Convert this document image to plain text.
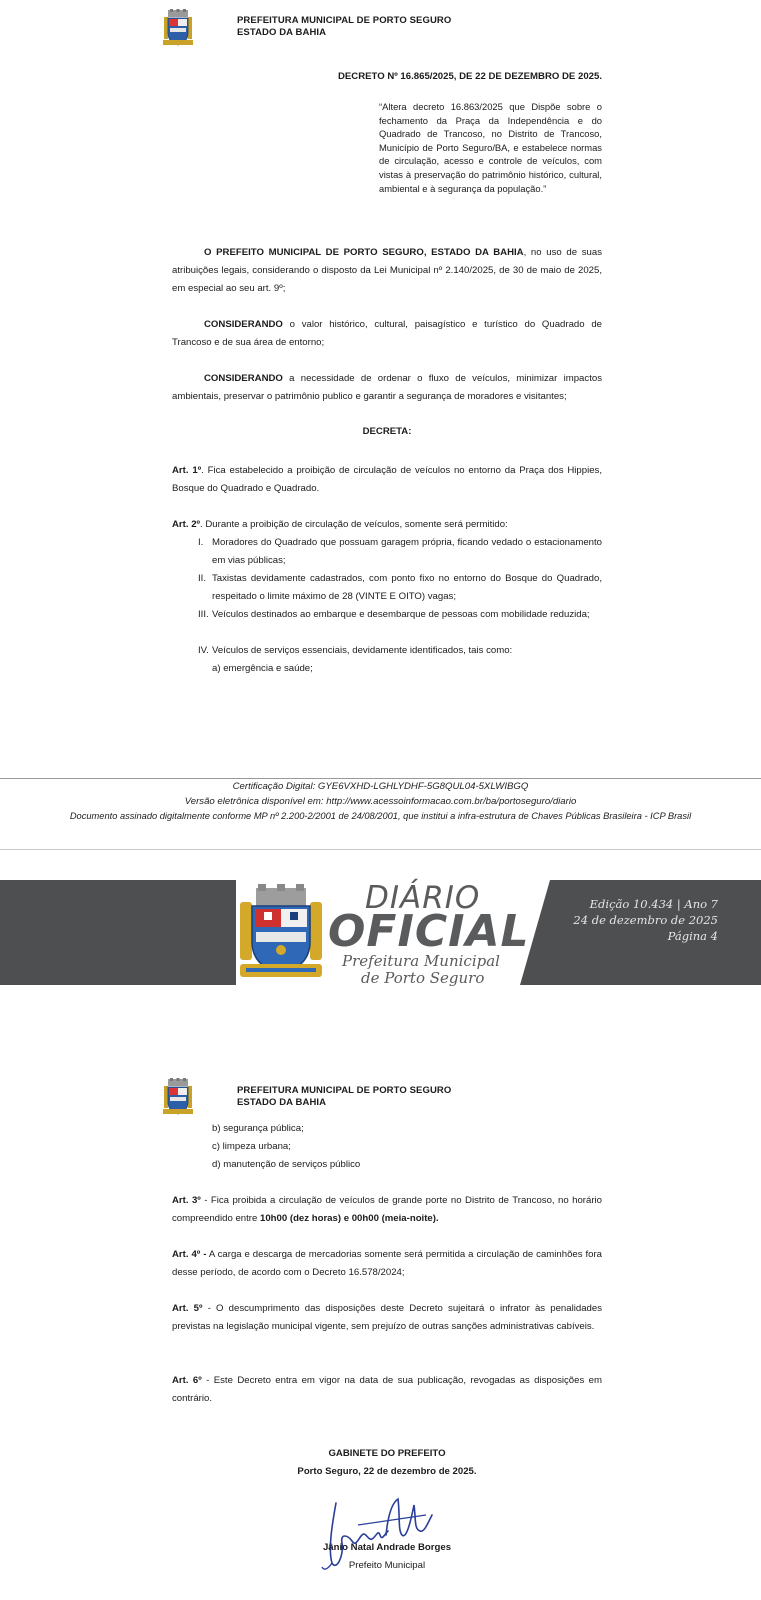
PREFEITURA MUNICIPAL DE PORTO SEGURO
ESTADO DA BAHIA
DECRETO Nº 16.865/2025, DE 22 DE DEZEMBRO DE 2025.
“Altera decreto 16.863/2025 que Dispõe sobre o fechamento da Praça da Independência e do Quadrado de Trancoso, no Distrito de Trancoso, Município de Porto Seguro/BA, e estabelece normas de circulação, acesso e controle de veículos, com vistas à preservação do patrimônio histórico, cultural, ambiental e à segurança da população.”
O PREFEITO MUNICIPAL DE PORTO SEGURO, ESTADO DA BAHIA, no uso de suas atribuições legais, considerando o disposto da Lei Municipal nº 2.140/2025, de 30 de maio de 2025, em especial ao seu art. 9º;
CONSIDERANDO o valor histórico, cultural, paisagístico e turístico do Quadrado de Trancoso e de sua área de entorno;
CONSIDERANDO a necessidade de ordenar o fluxo de veículos, minimizar impactos ambientais, preservar o patrimônio publico e garantir a segurança de moradores e visitantes;
DECRETA:
Art. 1º. Fica estabelecido a proibição de circulação de veículos no entorno da Praça dos Hippies, Bosque do Quadrado e Quadrado.
Art. 2º. Durante a proibição de circulação de veículos, somente será permitido:
I. Moradores do Quadrado que possuam garagem própria, ficando vedado o estacionamento em vias públicas;
II. Taxistas devidamente cadastrados, com ponto fixo no entorno do Bosque do Quadrado, respeitado o limite máximo de 28 (VINTE E OITO) vagas;
III. Veículos destinados ao embarque e desembarque de pessoas com mobilidade reduzida;
IV. Veículos de serviços essenciais, devidamente identificados, tais como:
a) emergência e saúde;
Certificação Digital: GYE6VXHD-LGHLYDHF-5G8QUL04-5XLWIBGQ
Versão eletrônica disponível em: http://www.acessoinformacao.com.br/ba/portoseguro/diario
Documento assinado digitalmente conforme MP nº 2.200-2/2001 de 24/08/2001, que institui a infra-estrutura de Chaves Públicas Brasileira - ICP Brasil
DIÁRIO
OFICIAL
Prefeitura Municipal
de Porto Seguro
Edição 10.434 | Ano 7
24 de dezembro de 2025
Página 4
PREFEITURA MUNICIPAL DE PORTO SEGURO
ESTADO DA BAHIA
b) segurança pública;
c) limpeza urbana;
d) manutenção de serviços público
Art. 3º - Fica proibida a circulação de veículos de grande porte no Distrito de Trancoso, no horário compreendido entre 10h00 (dez horas) e 00h00 (meia-noite).
Art. 4º - A carga e descarga de mercadorias somente será permitida a circulação de caminhões fora desse período, de acordo com o Decreto 16.578/2024;
Art. 5º - O descumprimento das disposições deste Decreto sujeitará o infrator às penalidades previstas na legislação municipal vigente, sem prejuízo de outras sanções administrativas cabíveis.
Art. 6º - Este Decreto entra em vigor na data de sua publicação, revogadas as disposições em contrário.
GABINETE DO PREFEITO
Porto Seguro, 22 de dezembro de 2025.
Jânio Natal Andrade Borges
Prefeito Municipal
